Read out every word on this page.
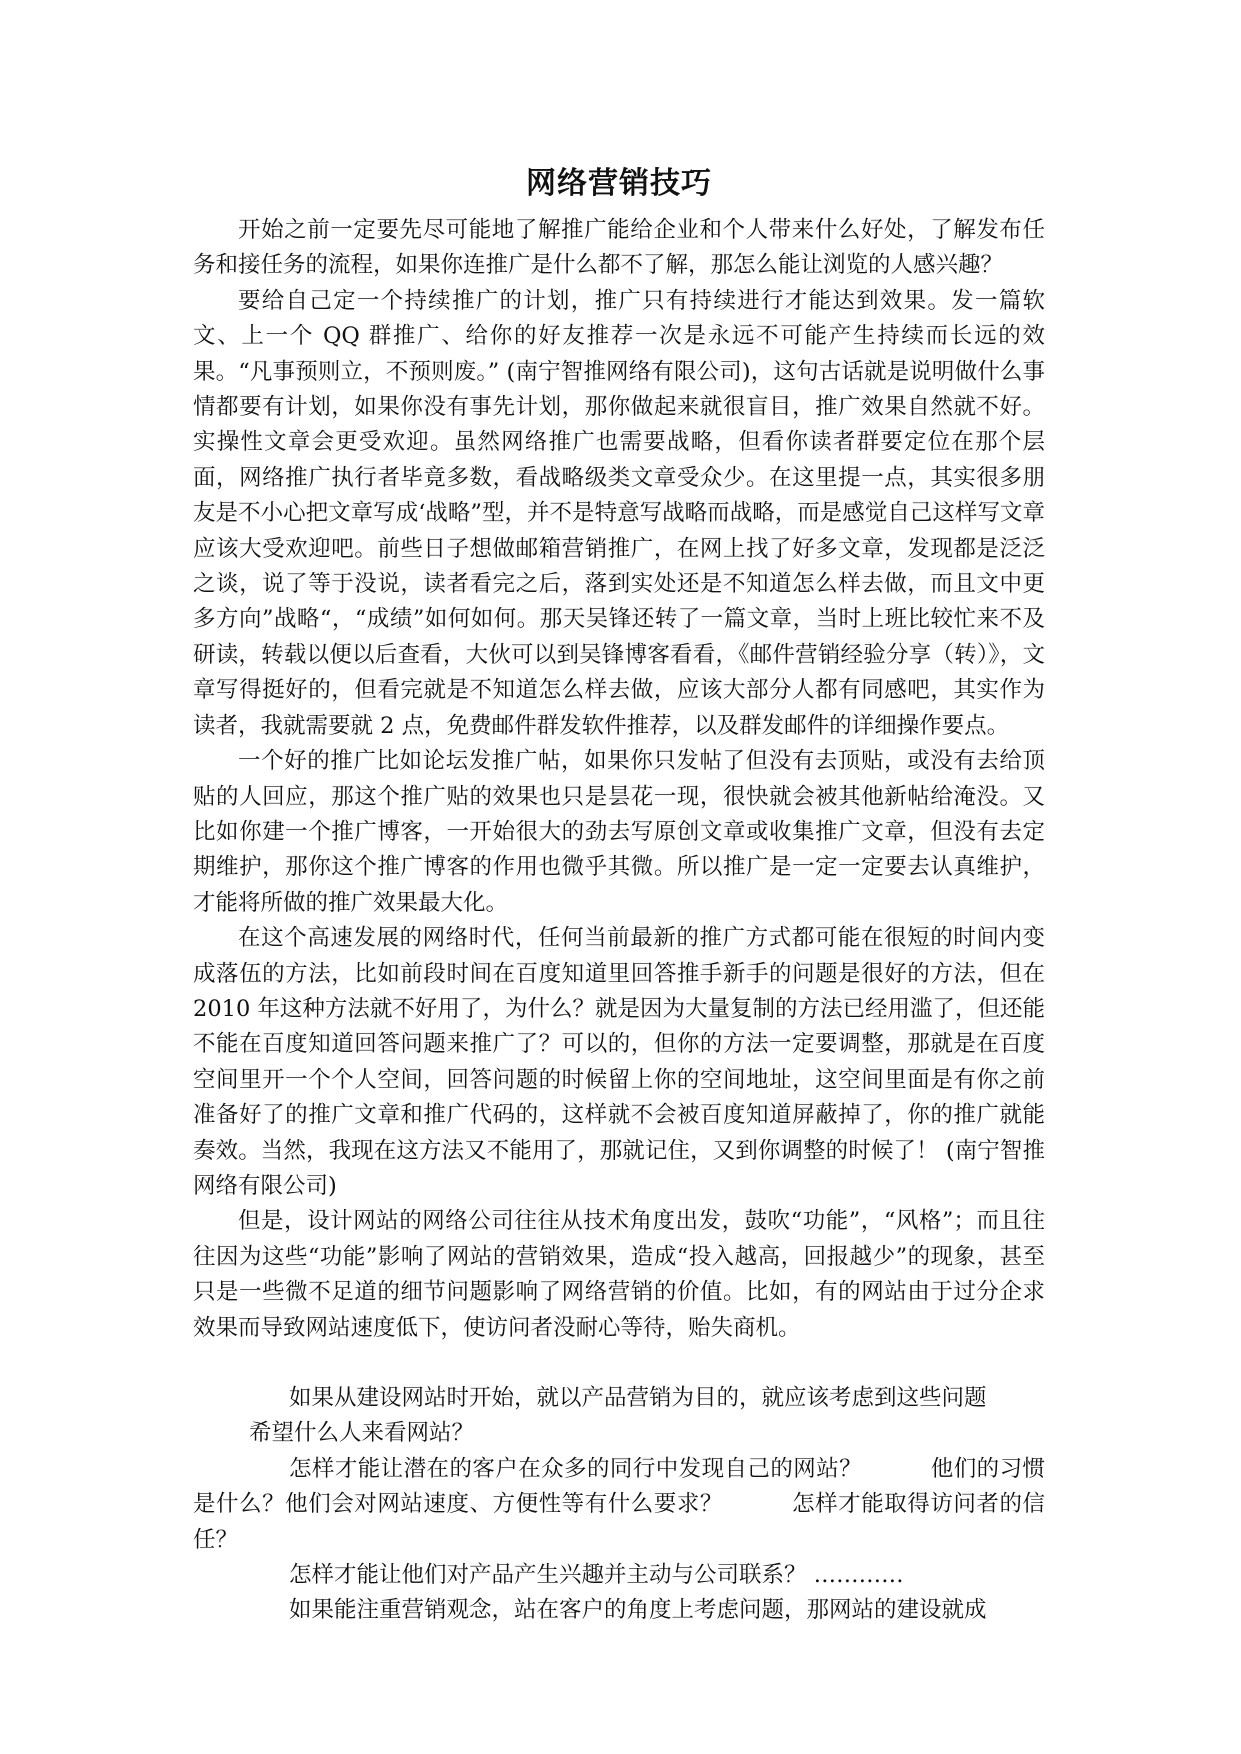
网络营销技巧

开始之前一定要先尽可能地了解推广能给企业和个人带来什么好处，了解发布任务和接任务的流程，如果你连推广是什么都不了解，那怎么能让浏览的人感兴趣？

要给自己定一个持续推广的计划，推广只有持续进行才能达到效果。发一篇软文、上一个 QQ 群推广、给你的好友推荐一次是永远不可能产生持续而长远的效果。“凡事预则立，不预则废。” (南宁智推网络有限公司)，这句古话就是说明做什么事情都要有计划，如果你没有事先计划，那你做起来就很盲目，推广效果自然就不好。实操性文章会更受欢迎。虽然网络推广也需要战略，但看你读者群要定位在那个层面，网络推广执行者毕竟多数，看战略级类文章受众少。在这里提一点，其实很多朋友是不小心把文章写成‘战略”型，并不是特意写战略而战略，而是感觉自己这样写文章应该大受欢迎吧。前些日子想做邮箱营销推广，在网上找了好多文章，发现都是泛泛之谈，说了等于没说，读者看完之后，落到实处还是不知道怎么样去做，而且文中更多方向”战略“，“成绩”如何如何。那天吴锋还转了一篇文章，当时上班比较忙来不及研读，转载以便以后查看，大伙可以到吴锋博客看看，《邮件营销经验分享（转）》，文章写得挺好的，但看完就是不知道怎么样去做，应该大部分人都有同感吧，其实作为读者，我就需要就 2 点，免费邮件群发软件推荐，以及群发邮件的详细操作要点。

一个好的推广比如论坛发推广帖，如果你只发帖了但没有去顶贴，或没有去给顶贴的人回应，那这个推广贴的效果也只是昙花一现，很快就会被其他新帖给淹没。又比如你建一个推广博客，一开始很大的劲去写原创文章或收集推广文章，但没有去定期维护，那你这个推广博客的作用也微乎其微。所以推广是一定一定要去认真维护，才能将所做的推广效果最大化。

在这个高速发展的网络时代，任何当前最新的推广方式都可能在很短的时间内变成落伍的方法，比如前段时间在百度知道里回答推手新手的问题是很好的方法，但在 2010 年这种方法就不好用了，为什么？就是因为大量复制的方法已经用滥了，但还能不能在百度知道回答问题来推广了？可以的，但你的方法一定要调整，那就是在百度空间里开一个个人空间，回答问题的时候留上你的空间地址，这空间里面是有你之前准备好了的推广文章和推广代码的，这样就不会被百度知道屏蔽掉了，你的推广就能奏效。当然，我现在这方法又不能用了，那就记住，又到你调整的时候了！ (南宁智推网络有限公司)

但是，设计网站的网络公司往往从技术角度出发，鼓吹“功能”，“风格”；而且往往因为这些“功能”影响了网站的营销效果，造成“投入越高，回报越少”的现象，甚至只是一些微不足道的细节问题影响了网络营销的价值。比如，有的网站由于过分企求效果而导致网站速度低下，使访问者没耐心等待，贻失商机。

如果从建设网站时开始，就以产品营销为目的，就应该考虑到这些问题

希望什么人来看网站？

怎样才能让潜在的客户在众多的同行中发现自己的网站？　　　他们的习惯是什么？他们会对网站速度、方便性等有什么要求？　　　怎样才能取得访问者的信任？

怎样才能让他们对产品产生兴趣并主动与公司联系？ …………

如果能注重营销观念，站在客户的角度上考虑问题，那网站的建设就成
